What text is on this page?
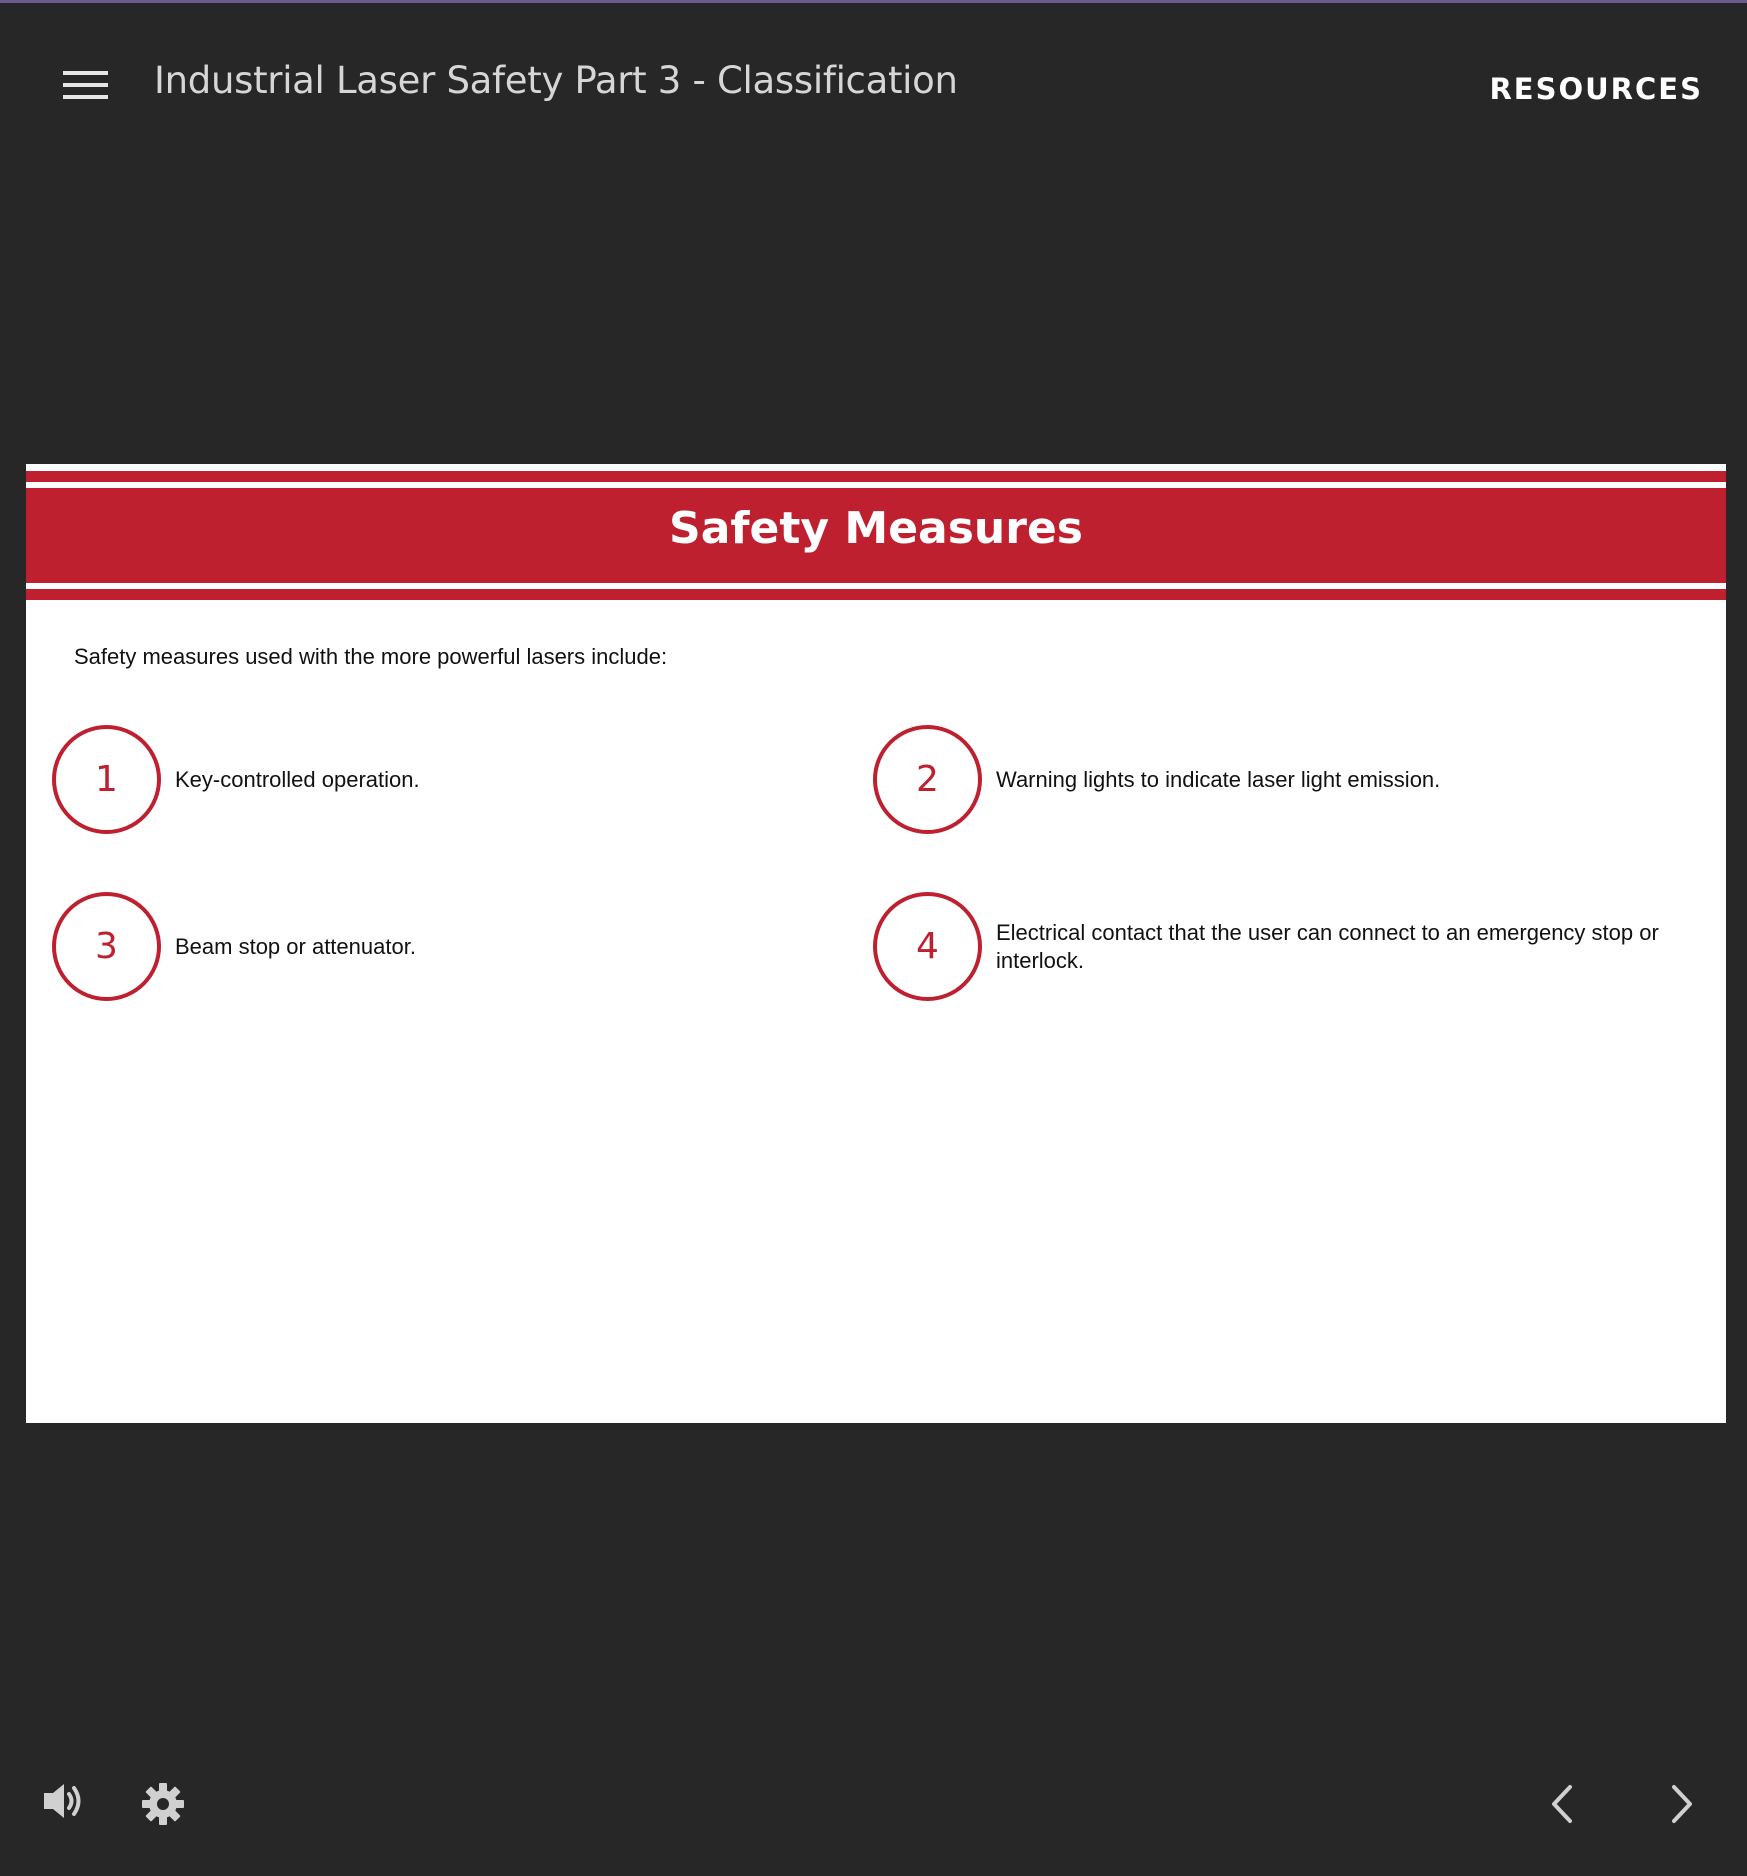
Industrial Laser Safety Part 3 - Classification	RESOURCES
Safety Measures
Safety measures used with the more powerful lasers include:
1	Key-controlled operation.	2	Warning lights to indicate laser light emission.
3	Beam stop or attenuator.	4	Electrical contact that the user can connect to an emergency stop or interlock.
